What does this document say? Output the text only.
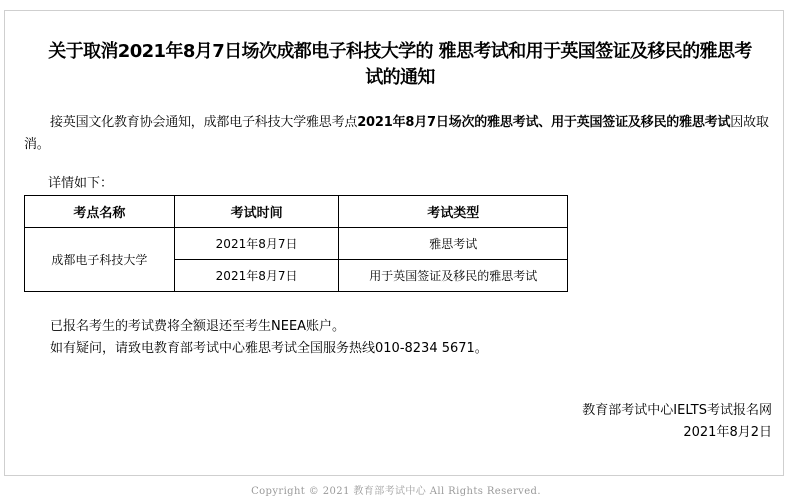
关于取消2021年8月7日场次成都电子科技大学的 雅思考试和用于英国签证及移民的雅思考
试的通知
接英国文化教育协会通知，成都电子科技大学雅思考点2021年8月7日场次的雅思考试、用于英国签证及移民的雅思考试因故取消。
详情如下：
考点名称	考试时间	考试类型
成都电子科技大学	2021年8月7日	雅思考试
	2021年8月7日	用于英国签证及移民的雅思考试
已报名考生的考试费将全额退还至考生NEEA账户。
如有疑问，请致电教育部考试中心雅思考试全国服务热线010-8234 5671。
教育部考试中心IELTS考试报名网
2021年8月2日
Copyright © 2021 教育部考试中心 All Rights Reserved.
